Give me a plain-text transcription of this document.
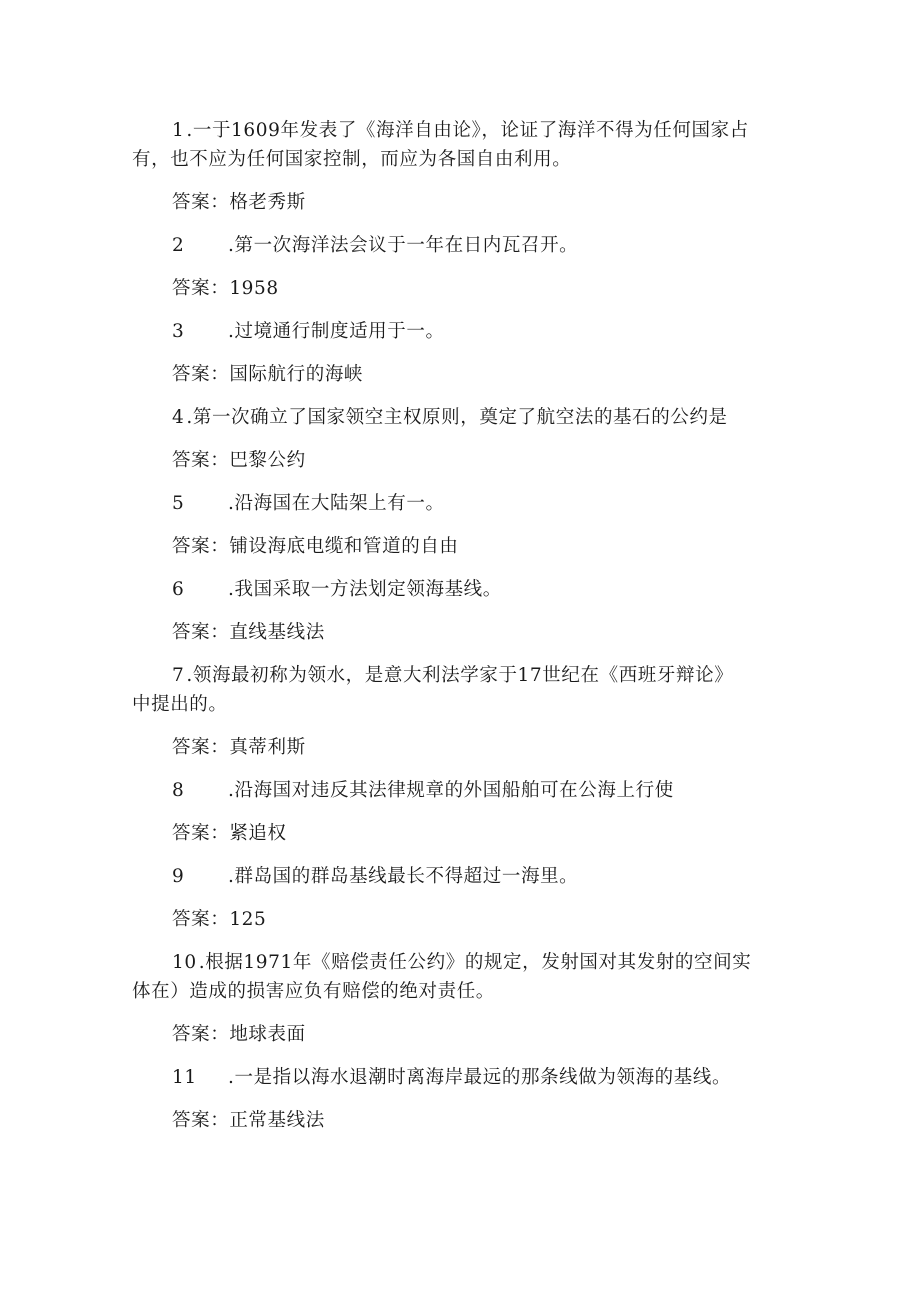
1 .一于1609年发表了《海洋自由论》，论证了海洋不得为任何国家占
有，也不应为任何国家控制，而应为各国自由利用。
答案：格老秀斯
2 .第一次海洋法会议于一年在日内瓦召开。
答案：1958
3 .过境通行制度适用于一。
答案：国际航行的海峡
4 .第一次确立了国家领空主权原则，奠定了航空法的基石的公约是
答案：巴黎公约
5 .沿海国在大陆架上有一。
答案：铺设海底电缆和管道的自由
6 .我国采取一方法划定领海基线。
答案：直线基线法
7 .领海最初称为领水，是意大利法学家于17世纪在《西班牙辩论》
中提出的。
答案：真蒂利斯
8 .沿海国对违反其法律规章的外国船舶可在公海上行使
答案：紧追权
9 .群岛国的群岛基线最长不得超过一海里。
答案：125
10 .根据1971年《赔偿责任公约》的规定，发射国对其发射的空间实
体在）造成的损害应负有赔偿的绝对责任。
答案：地球表面
11 .一是指以海水退潮时离海岸最远的那条线做为领海的基线。
答案：正常基线法
